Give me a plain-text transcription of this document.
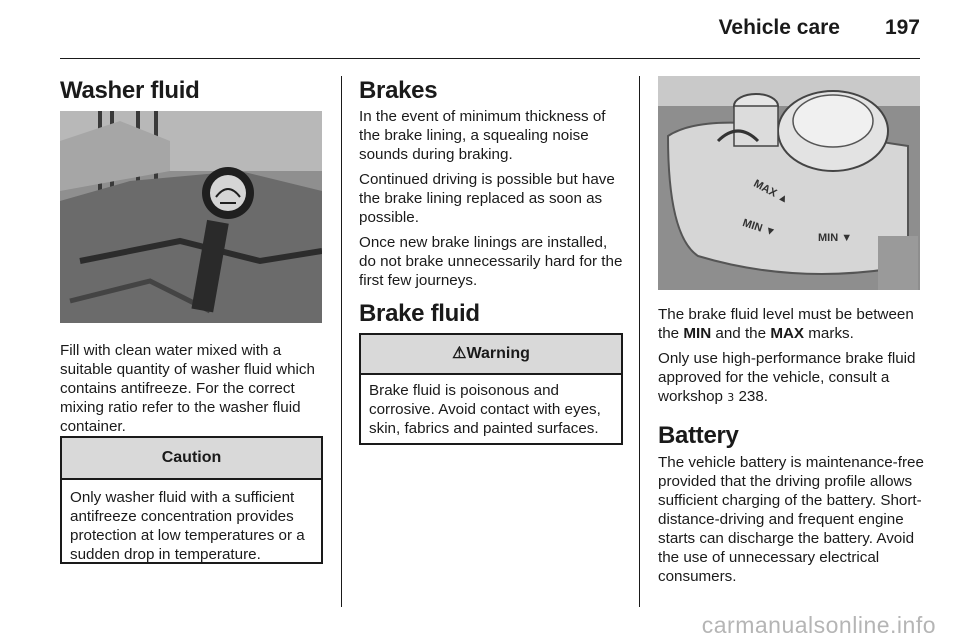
Vehicle care 197
Washer fluid

Fill with clean water mixed with a suitable quantity of washer fluid which contains antifreeze. For the correct mixing ratio refer to the washer fluid container.

Caution
Only washer fluid with a sufficient antifreeze concentration provides protection at low temperatures or a sudden drop in temperature.
Brakes

In the event of minimum thickness of the brake lining, a squealing noise sounds during braking.

Continued driving is possible but have the brake lining replaced as soon as possible.

Once new brake linings are installed, do not brake unnecessarily hard for the first few journeys.

Brake fluid
⚠Warning
Brake fluid is poisonous and corrosive. Avoid contact with eyes, skin, fabrics and painted surfaces.
MAX ▲
MIN ▼	MIN ▼

The brake fluid level must be between the MIN and the MAX marks.

Only use high-performance brake fluid approved for the vehicle, consult a workshop 3 238.

Battery

The vehicle battery is maintenance-free provided that the driving profile allows sufficient charging of the battery. Short-distance-driving and frequent engine starts can discharge the battery. Avoid the use of unnecessary electrical consumers.

carmanualsonline.info
